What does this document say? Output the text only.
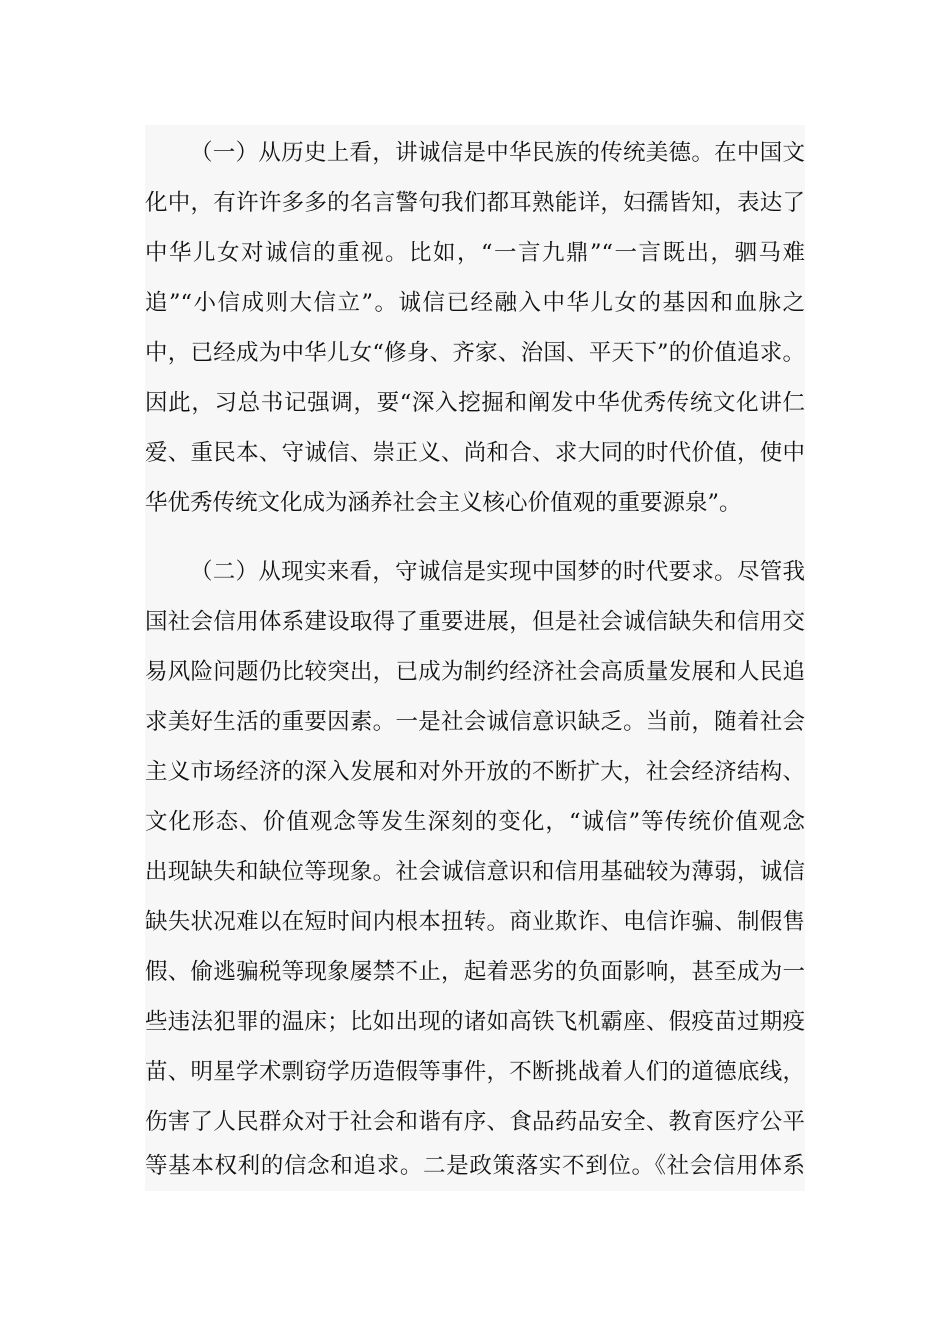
（一）从历史上看，讲诚信是中华民族的传统美德。在中国文
化中，有许许多多的名言警句我们都耳熟能详，妇孺皆知，表达了
中华儿女对诚信的重视。比如，“一言九鼎”“一言既出，驷马难
追”“小信成则大信立”。诚信已经融入中华儿女的基因和血脉之
中，已经成为中华儿女“修身、齐家、治国、平天下”的价值追求。
因此，习总书记强调，要“深入挖掘和阐发中华优秀传统文化讲仁
爱、重民本、守诚信、崇正义、尚和合、求大同的时代价值，使中
华优秀传统文化成为涵养社会主义核心价值观的重要源泉”。
（二）从现实来看，守诚信是实现中国梦的时代要求。尽管我
国社会信用体系建设取得了重要进展，但是社会诚信缺失和信用交
易风险问题仍比较突出，已成为制约经济社会高质量发展和人民追
求美好生活的重要因素。一是社会诚信意识缺乏。当前，随着社会
主义市场经济的深入发展和对外开放的不断扩大，社会经济结构、
文化形态、价值观念等发生深刻的变化，“诚信”等传统价值观念
出现缺失和缺位等现象。社会诚信意识和信用基础较为薄弱，诚信
缺失状况难以在短时间内根本扭转。商业欺诈、电信诈骗、制假售
假、偷逃骗税等现象屡禁不止，起着恶劣的负面影响，甚至成为一
些违法犯罪的温床；比如出现的诸如高铁飞机霸座、假疫苗过期疫
苗、明星学术剽窃学历造假等事件，不断挑战着人们的道德底线，
伤害了人民群众对于社会和谐有序、食品药品安全、教育医疗公平
等基本权利的信念和追求。二是政策落实不到位。《社会信用体系
